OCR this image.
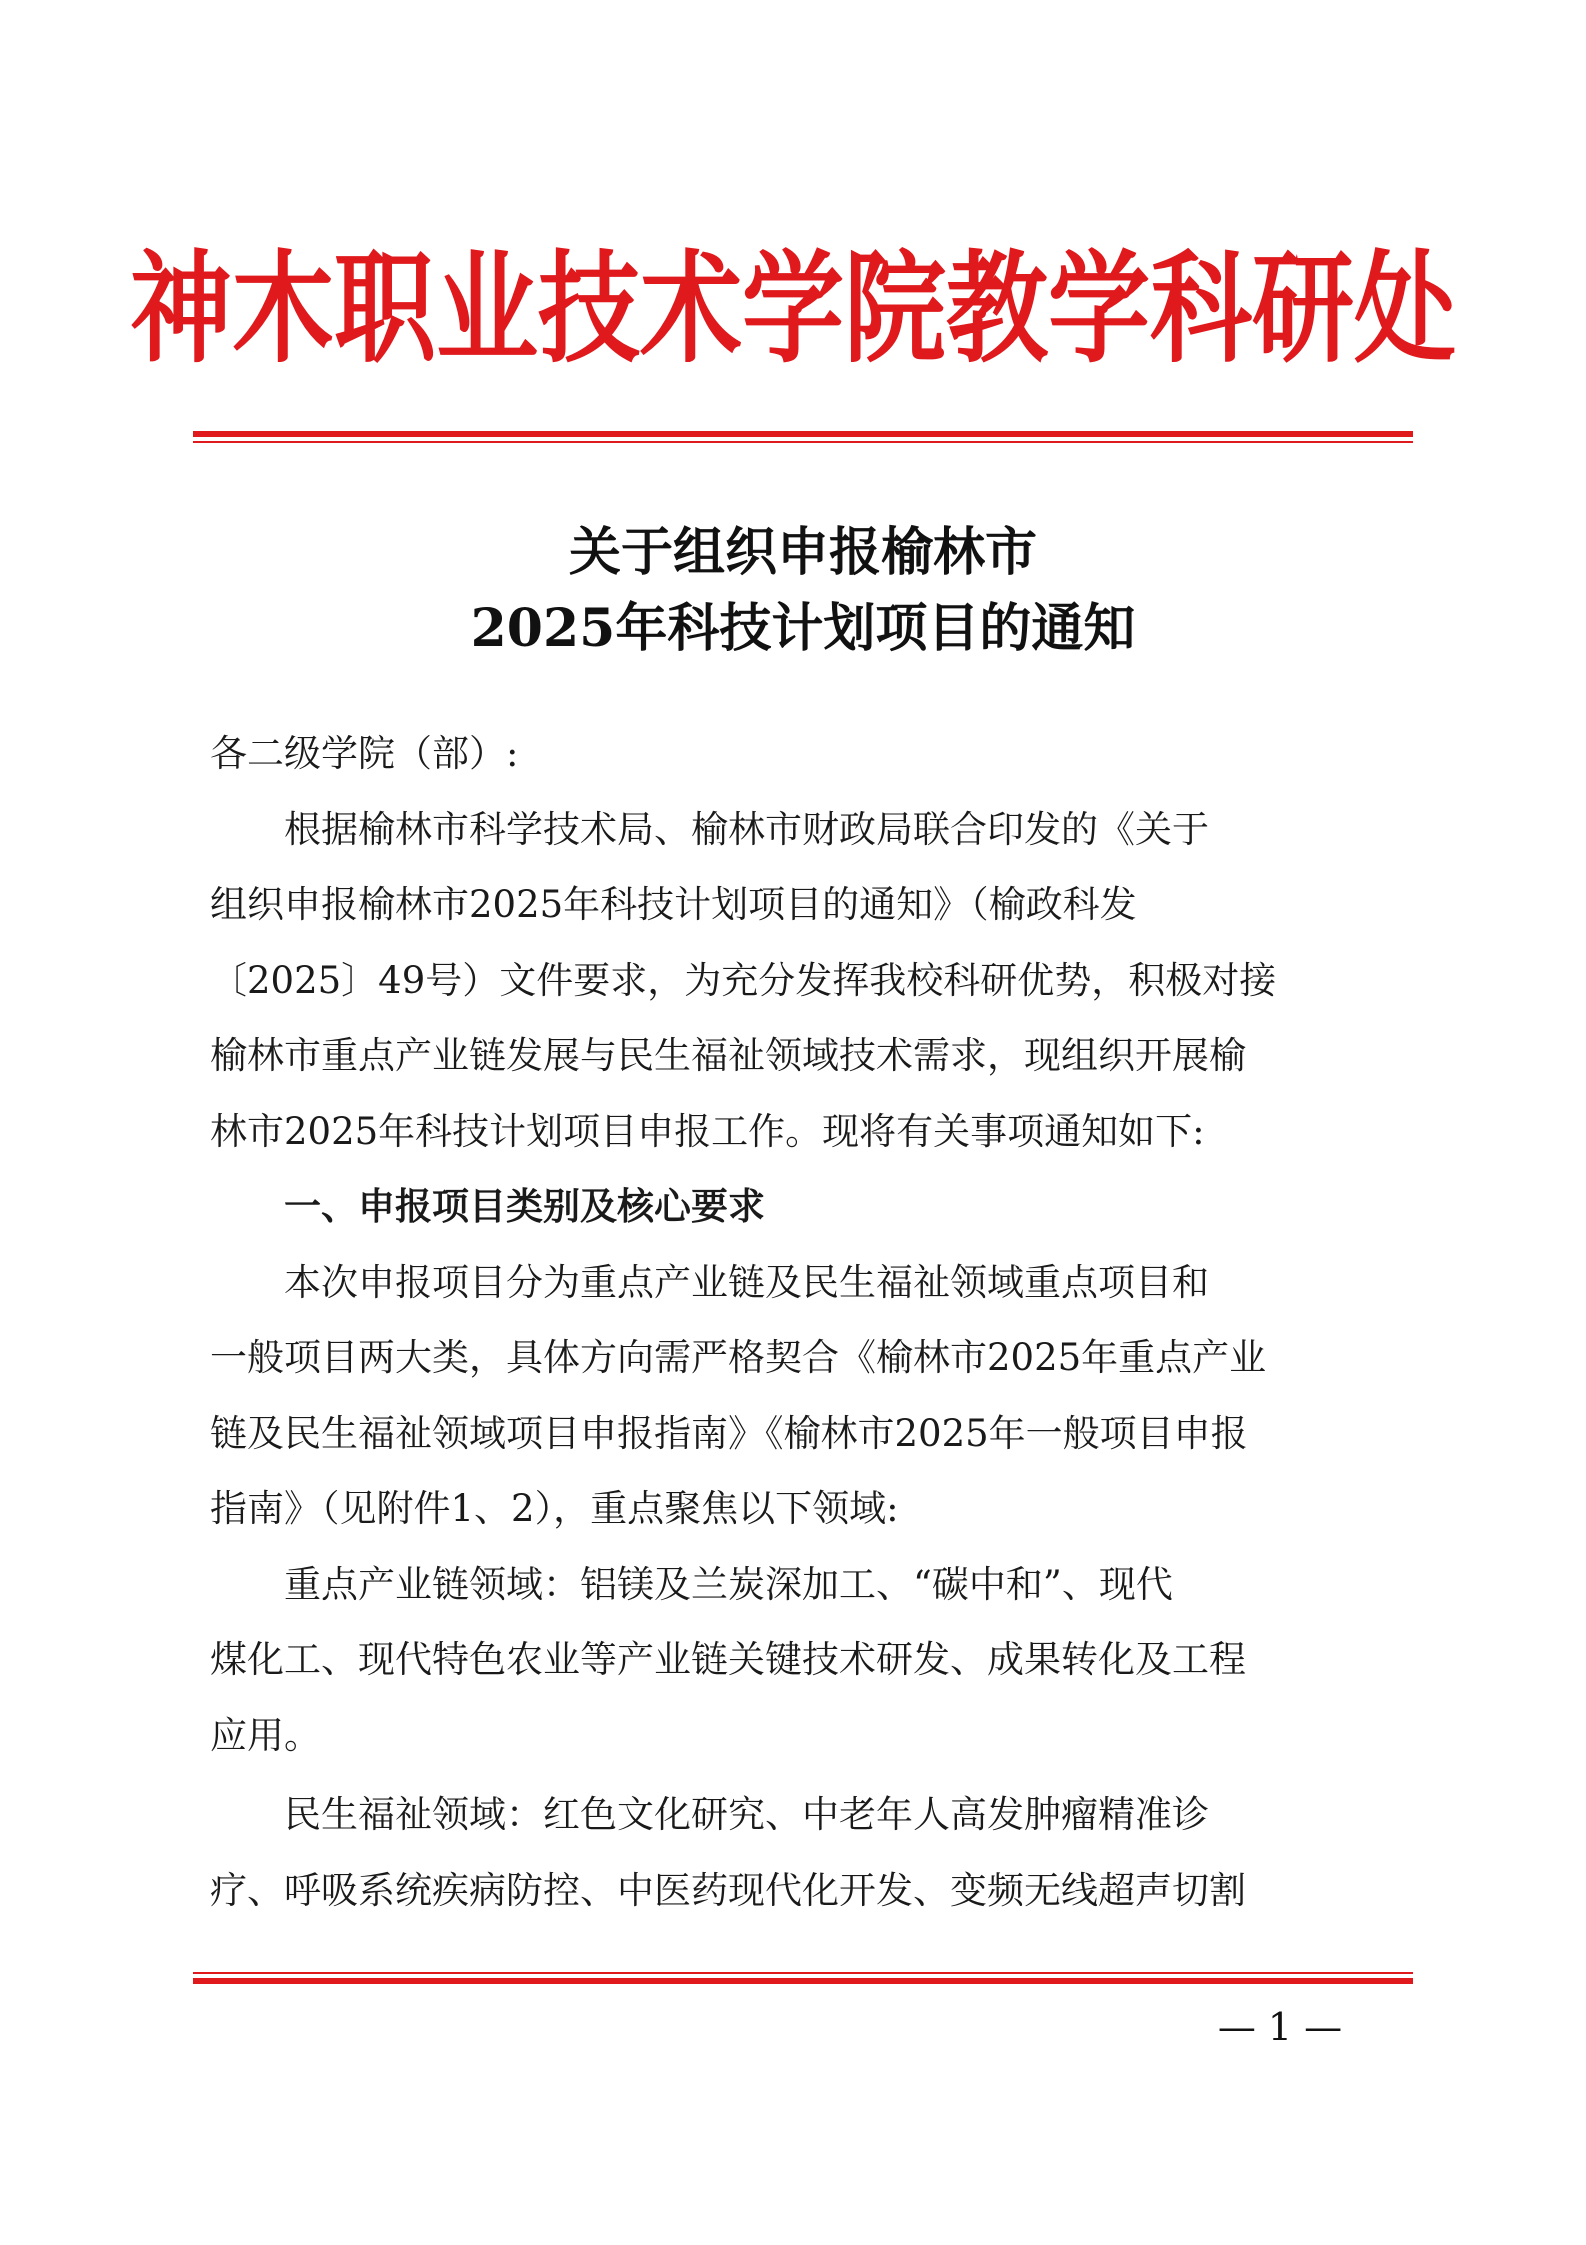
神木职业技术学院教学科研处
关于组织申报榆林市
2025年科技计划项目的通知

各二级学院（部）:

根据榆林市科学技术局、榆林市财政局联合印发的《关于
组织申报榆林市2025年科技计划项目的通知》（榆政科发
〔2025〕49号）文件要求，为充分发挥我校科研优势，积极对接
榆林市重点产业链发展与民生福祉领域技术需求，现组织开展榆
林市2025年科技计划项目申报工作。现将有关事项通知如下:

一、申报项目类别及核心要求

本次申报项目分为重点产业链及民生福祉领域重点项目和
一般项目两大类，具体方向需严格契合《榆林市2025年重点产业
链及民生福祉领域项目申报指南》《榆林市2025年一般项目申报
指南》（见附件1、2），重点聚焦以下领域:

重点产业链领域：铝镁及兰炭深加工、“碳中和”、现代
煤化工、现代特色农业等产业链关键技术研发、成果转化及工程
应用。

民生福祉领域：红色文化研究、中老年人高发肿瘤精准诊
疗、呼吸系统疾病防控、中医药现代化开发、变频无线超声切割

— 1 —
